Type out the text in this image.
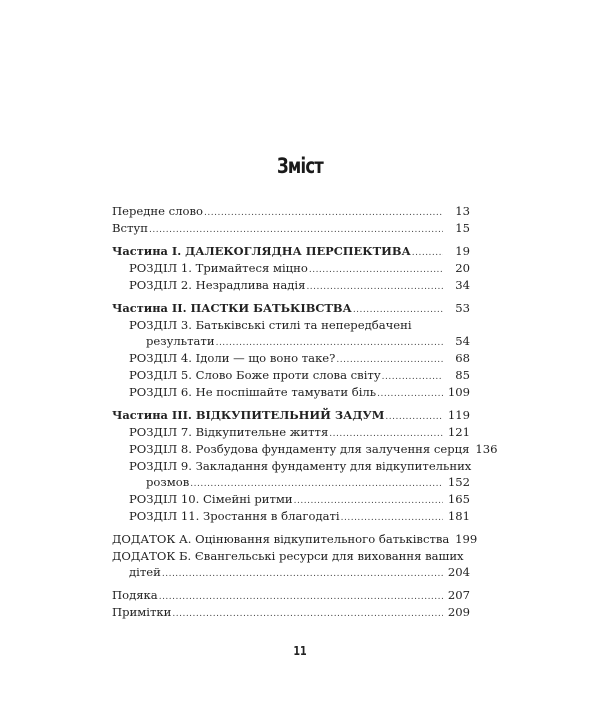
Зміст
Передне слово .....	13
Вступ .....	15
Частина І. ДАЛЕКОГЛЯДНА ПЕРСПЕКТИВА .....	19
РОЗДІЛ 1. Тримайтеся міцно .....	20
РОЗДІЛ 2. Незрадлива надія .....	34
Частина ІІ. ПАСТКИ БАТЬКІВСТВА .....	53
РОЗДІЛ 3. Батьківські стилі та непередбачені
результати .....	54
РОЗДІЛ 4. Ідоли — що воно таке? .....	68
РОЗДІЛ 5. Слово Боже проти слова світу .....	85
РОЗДІЛ 6. Не поспішайте тамувати біль .....	109
Частина ІІІ. ВІДКУПИТЕЛЬНИЙ ЗАДУМ .....	119
РОЗДІЛ 7. Відкупительне життя .....	121
РОЗДІЛ 8. Розбудова фундаменту для залучення серця 136
РОЗДІЛ 9. Закладання фундаменту для відкупительних
розмов .....	152
РОЗДІЛ 10. Сімейні ритми .....	165
РОЗДІЛ 11. Зростання в благодаті .....	181
ДОДАТОК А. Оцінювання відкупительного батьківства 199
ДОДАТОК Б. Євангельські ресурси для виховання ваших
дітей .....	204
Подяка .....	207
Примітки .....	209
11
